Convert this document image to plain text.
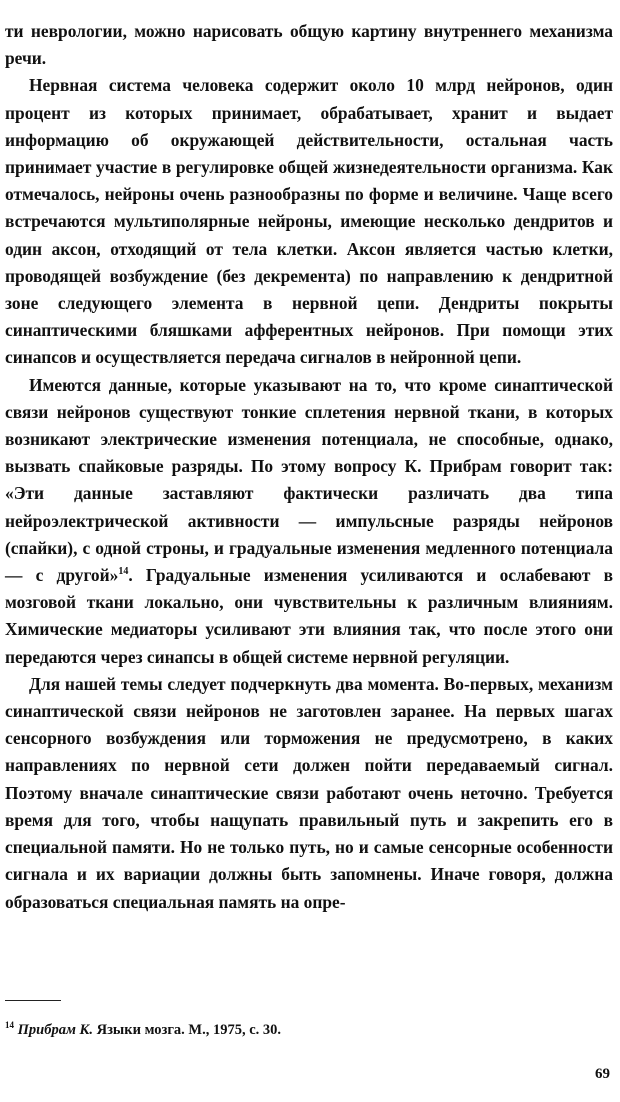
ти неврологии, можно нарисовать общую картину внутреннего механизма речи.

Нервная система человека содержит около 10 млрд нейронов, один процент из которых принимает, обрабатывает, хранит и выдает информацию об окружающей действительности, остальная часть принимает участие в регулировке общей жизнедеятельности организма. Как отмечалось, нейроны очень разнообразны по форме и величине. Чаще всего встречаются мультиполярные нейроны, имеющие несколько дендритов и один аксон, отходящий от тела клетки. Аксон является частью клетки, проводящей возбуждение (без декремента) по направлению к дендритной зоне следующего элемента в нервной цепи. Дендриты покрыты синаптическими бляшками афферентных нейронов. При помощи этих синапсов и осуществляется передача сигналов в нейронной цепи.

Имеются данные, которые указывают на то, что кроме синаптической связи нейронов существуют тонкие сплетения нервной ткани, в которых возникают электрические изменения потенциала, не способные, однако, вызвать спайковые разряды. По этому вопросу К. Прибрам говорит так: «Эти данные заставляют фактически различать два типа нейроэлектрической активности — импульсные разряды нейронов (спайки), с одной строны, и градуальные изменения медленного потенциала — с другой»$^{14}$. Градуальные изменения усиливаются и ослабевают в мозговой ткани локально, они чувствительны к различным влияниям. Химические медиаторы усиливают эти влияния так, что после этого они передаются через синапсы в общей системе нервной регуляции.

Для нашей темы следует подчеркнуть два момента. Во-первых, механизм синаптической связи нейронов не заготовлен заранее. На первых шагах сенсорного возбуждения или торможения не предусмотрено, в каких направлениях по нервной сети должен пойти передаваемый сигнал. Поэтому вначале синаптические связи работают очень неточно. Требуется время для того, чтобы нащупать правильный путь и закрепить его в специальной памяти. Но не только путь, но и самые сенсорные особенности сигнала и их вариации должны быть запомнены. Иначе говоря, должна образоваться специальная память на опре-

$^{14}$ Прибрам К. Языки мозга. М., 1975, с. 30.
69
